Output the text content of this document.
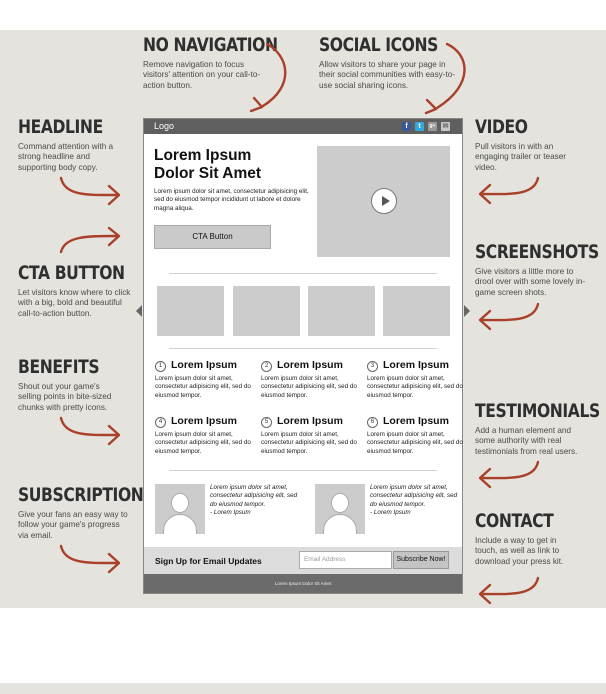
NO NAVIGATION

Remove navigation to focus visitors' attention on your call-to-action button.

SOCIAL ICONS

Allow visitors to share your page in their social communities with easy-to-use social sharing icons.

HEADLINE

Command attention with a strong headline and supporting body copy.

CTA BUTTON

Let visitors know where to click with a big, bold and beautiful call-to-action button.

BENEFITS

Shout out your game's selling points in bite-sized chunks with pretty icons.

SUBSCRIPTION

Give your fans an easy way to follow your game's progress via email.

VIDEO

Pull visitors in with an engaging trailer or teaser video.

SCREENSHOTS

Give visitors a little more to drool over with some lovely in-game screen shots.

TESTIMONIALS

Add a human element and some authority with real testimonials from real users.

CONTACT

Include a way to get in touch, as well as link to download your press kit.

Logo	f	t	g+ ✉
Lorem Ipsum Dolor Sit Amet
Lorem ipsum dolor sit amet, consectetur adipisicing elit, sed do eiusmod tempor incididunt ut labore et dolore magna aliqua.
CTA Button
1 Lorem Ipsum
Lorem ipsum dolor sit amet, consectetur adipisicing elit, sed do eiusmod tempor.
2 Lorem Ipsum
Lorem ipsum dolor sit amet, consectetur adipisicing elit, sed do eiusmod tempor.
3 Lorem Ipsum
Lorem ipsum dolor sit amet, consectetur adipisicing elit, sed do eiusmod tempor.
4 Lorem Ipsum
Lorem ipsum dolor sit amet, consectetur adipisicing elit, sed do eiusmod tempor.
5 Lorem Ipsum
Lorem ipsum dolor sit amet, consectetur adipisicing elit, sed do eiusmod tempor.
6 Lorem Ipsum
Lorem ipsum dolor sit amet, consectetur adipisicing elit, sed do eiusmod tempor.
Lorem ipsum dolor sit amet, consectetur adipisicing elit, sed do eiusmod tempor.
- Lorem Ipsum
Lorem ipsum dolor sit amet, consectetur adipisicing elit, sed do eiusmod tempor.
- Lorem Ipsum
Sign Up for Email Updates	Email Address	Subscribe Now!
Lorem Ipsum Dolor Sit Amet
